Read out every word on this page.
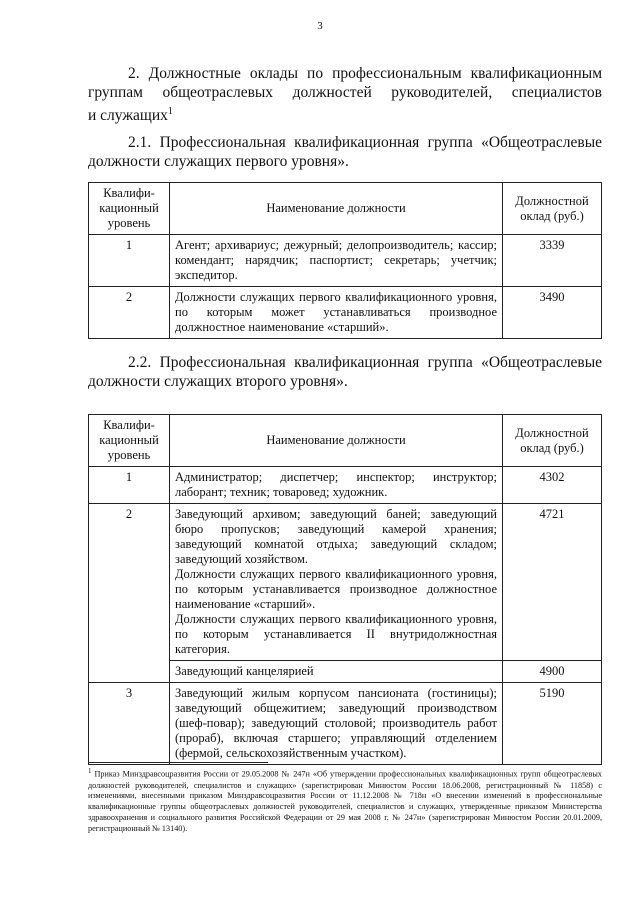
3
2. Должностные оклады по профессиональным квалификационным
группам общеотраслевых должностей руководителей, специалистов
и служащих$^1$
2.1. Профессиональная квалификационная группа «Общеотраслевые
должности служащих первого уровня».
Квалифи-кационный уровень	Наименование должности	Должностной оклад (руб.)
1	Агент; архивариус; дежурный; делопроизводитель; кассир; комендант; нарядчик; паспортист; секретарь; учетчик; экспедитор.	3339
2	Должности служащих первого квалификационного уровня, по которым может устанавливаться производное должностное наименование «старший».	3490
2.2. Профессиональная квалификационная группа «Общеотраслевые
должности служащих второго уровня».
Квалифи-кационный уровень	Наименование должности	Должностной оклад (руб.)
1	Администратор; диспетчер; инспектор; инструктор; лаборант; техник; товаровед; художник.	4302
2	Заведующий архивом; заведующий баней; заведующий бюро пропусков; заведующий камерой хранения; заведующий комнатой отдыха; заведующий складом; заведующий хозяйством.
Должности служащих первого квалификационного уровня, по которым устанавливается производное должностное наименование «старший».
Должности служащих первого квалификационного уровня, по которым устанавливается II внутридолжностная категория.	4721
	Заведующий канцелярией	4900
3	Заведующий жилым корпусом пансионата (гостиницы); заведующий общежитием; заведующий производством (шеф-повар); заведующий столовой; производитель работ (прораб), включая старшего; управляющий отделением (фермой, сельскохозяйственным участком).	5190
$^1$ Приказ Минздравсоцразвития России от 29.05.2008 № 247н «Об утверждении профессиональных квалификационных групп общеотраслевых должностей руководителей, специалистов и служащих» (зарегистрирован Минюстом России 18.06.2008, регистрационный № 11858) с изменениями, внесенными приказом Минздравсоцразвития России от 11.12.2008 № 718н «О внесении изменений в профессиональные квалификационные группы общеотраслевых должностей руководителей, специалистов и служащих, утвержденные приказом Министерства здравоохранения и социального развития Российской Федерации от 29 мая 2008 г. № 247н» (зарегистрирован Минюстом России 20.01.2009, регистрационный № 13140).
